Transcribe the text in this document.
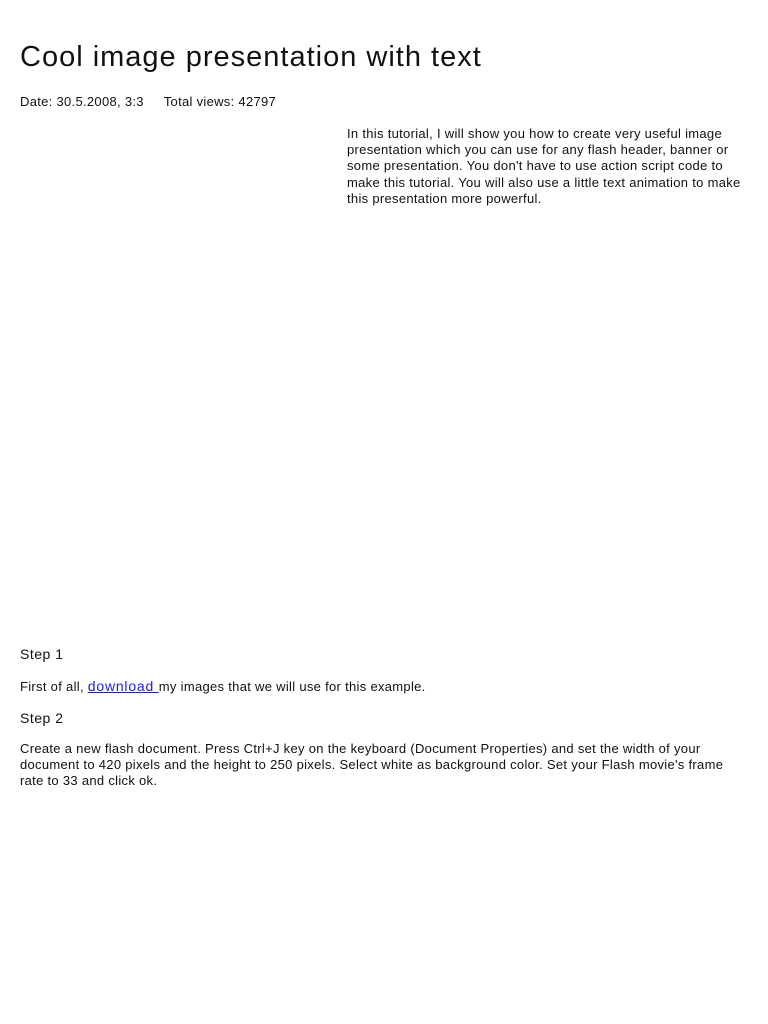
Cool image presentation with text
Date: 30.5.2008, 3:3 Total views: 42797

In this tutorial, I will show you how to create very useful image presentation which you can use for any flash header, banner or some presentation. You don't have to use action script code to make this tutorial. You will also use a little text animation to make this presentation more powerful.

Step 1

First of all, download my images that we will use for this example.

Step 2

Create a new flash document. Press Ctrl+J key on the keyboard (Document Properties) and set the width of your document to 420 pixels and the height to 250 pixels. Select white as background color. Set your Flash movie's frame rate to 33 and click ok.
